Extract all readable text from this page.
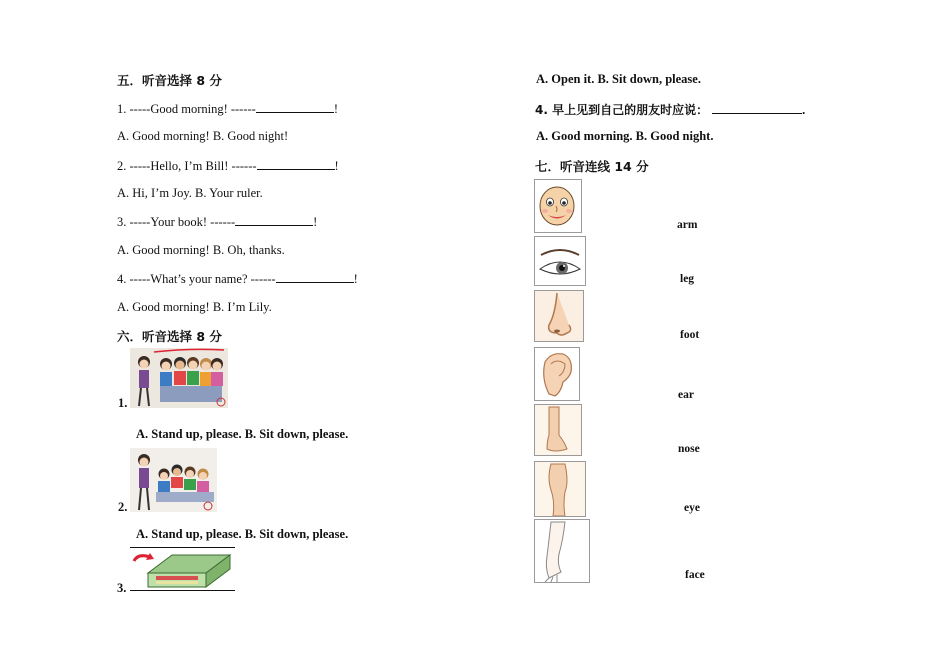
五．听音选择 8 分
1. -----Good morning! ------	!
A. Good morning! B. Good night!
2. -----Hello, I’m Bill! ------	!
A. Hi, I’m Joy. B. Your ruler.
3. -----Your book! ------	!
A. Good morning! B. Oh, thanks.
4. -----What’s your name? ------	!
A. Good morning! B. I’m Lily.
六．听音选择 8 分
1.
A. Stand up, please. B. Sit down, please.
2.
A. Stand up, please. B. Sit down, please.
3.
A. Open it. B. Sit down, please.
4. 早上见到自己的朋友时应说：	.
A. Good morning. B. Good night.
七．听音连线 14 分
arm
leg
foot
ear
nose
eye
face
